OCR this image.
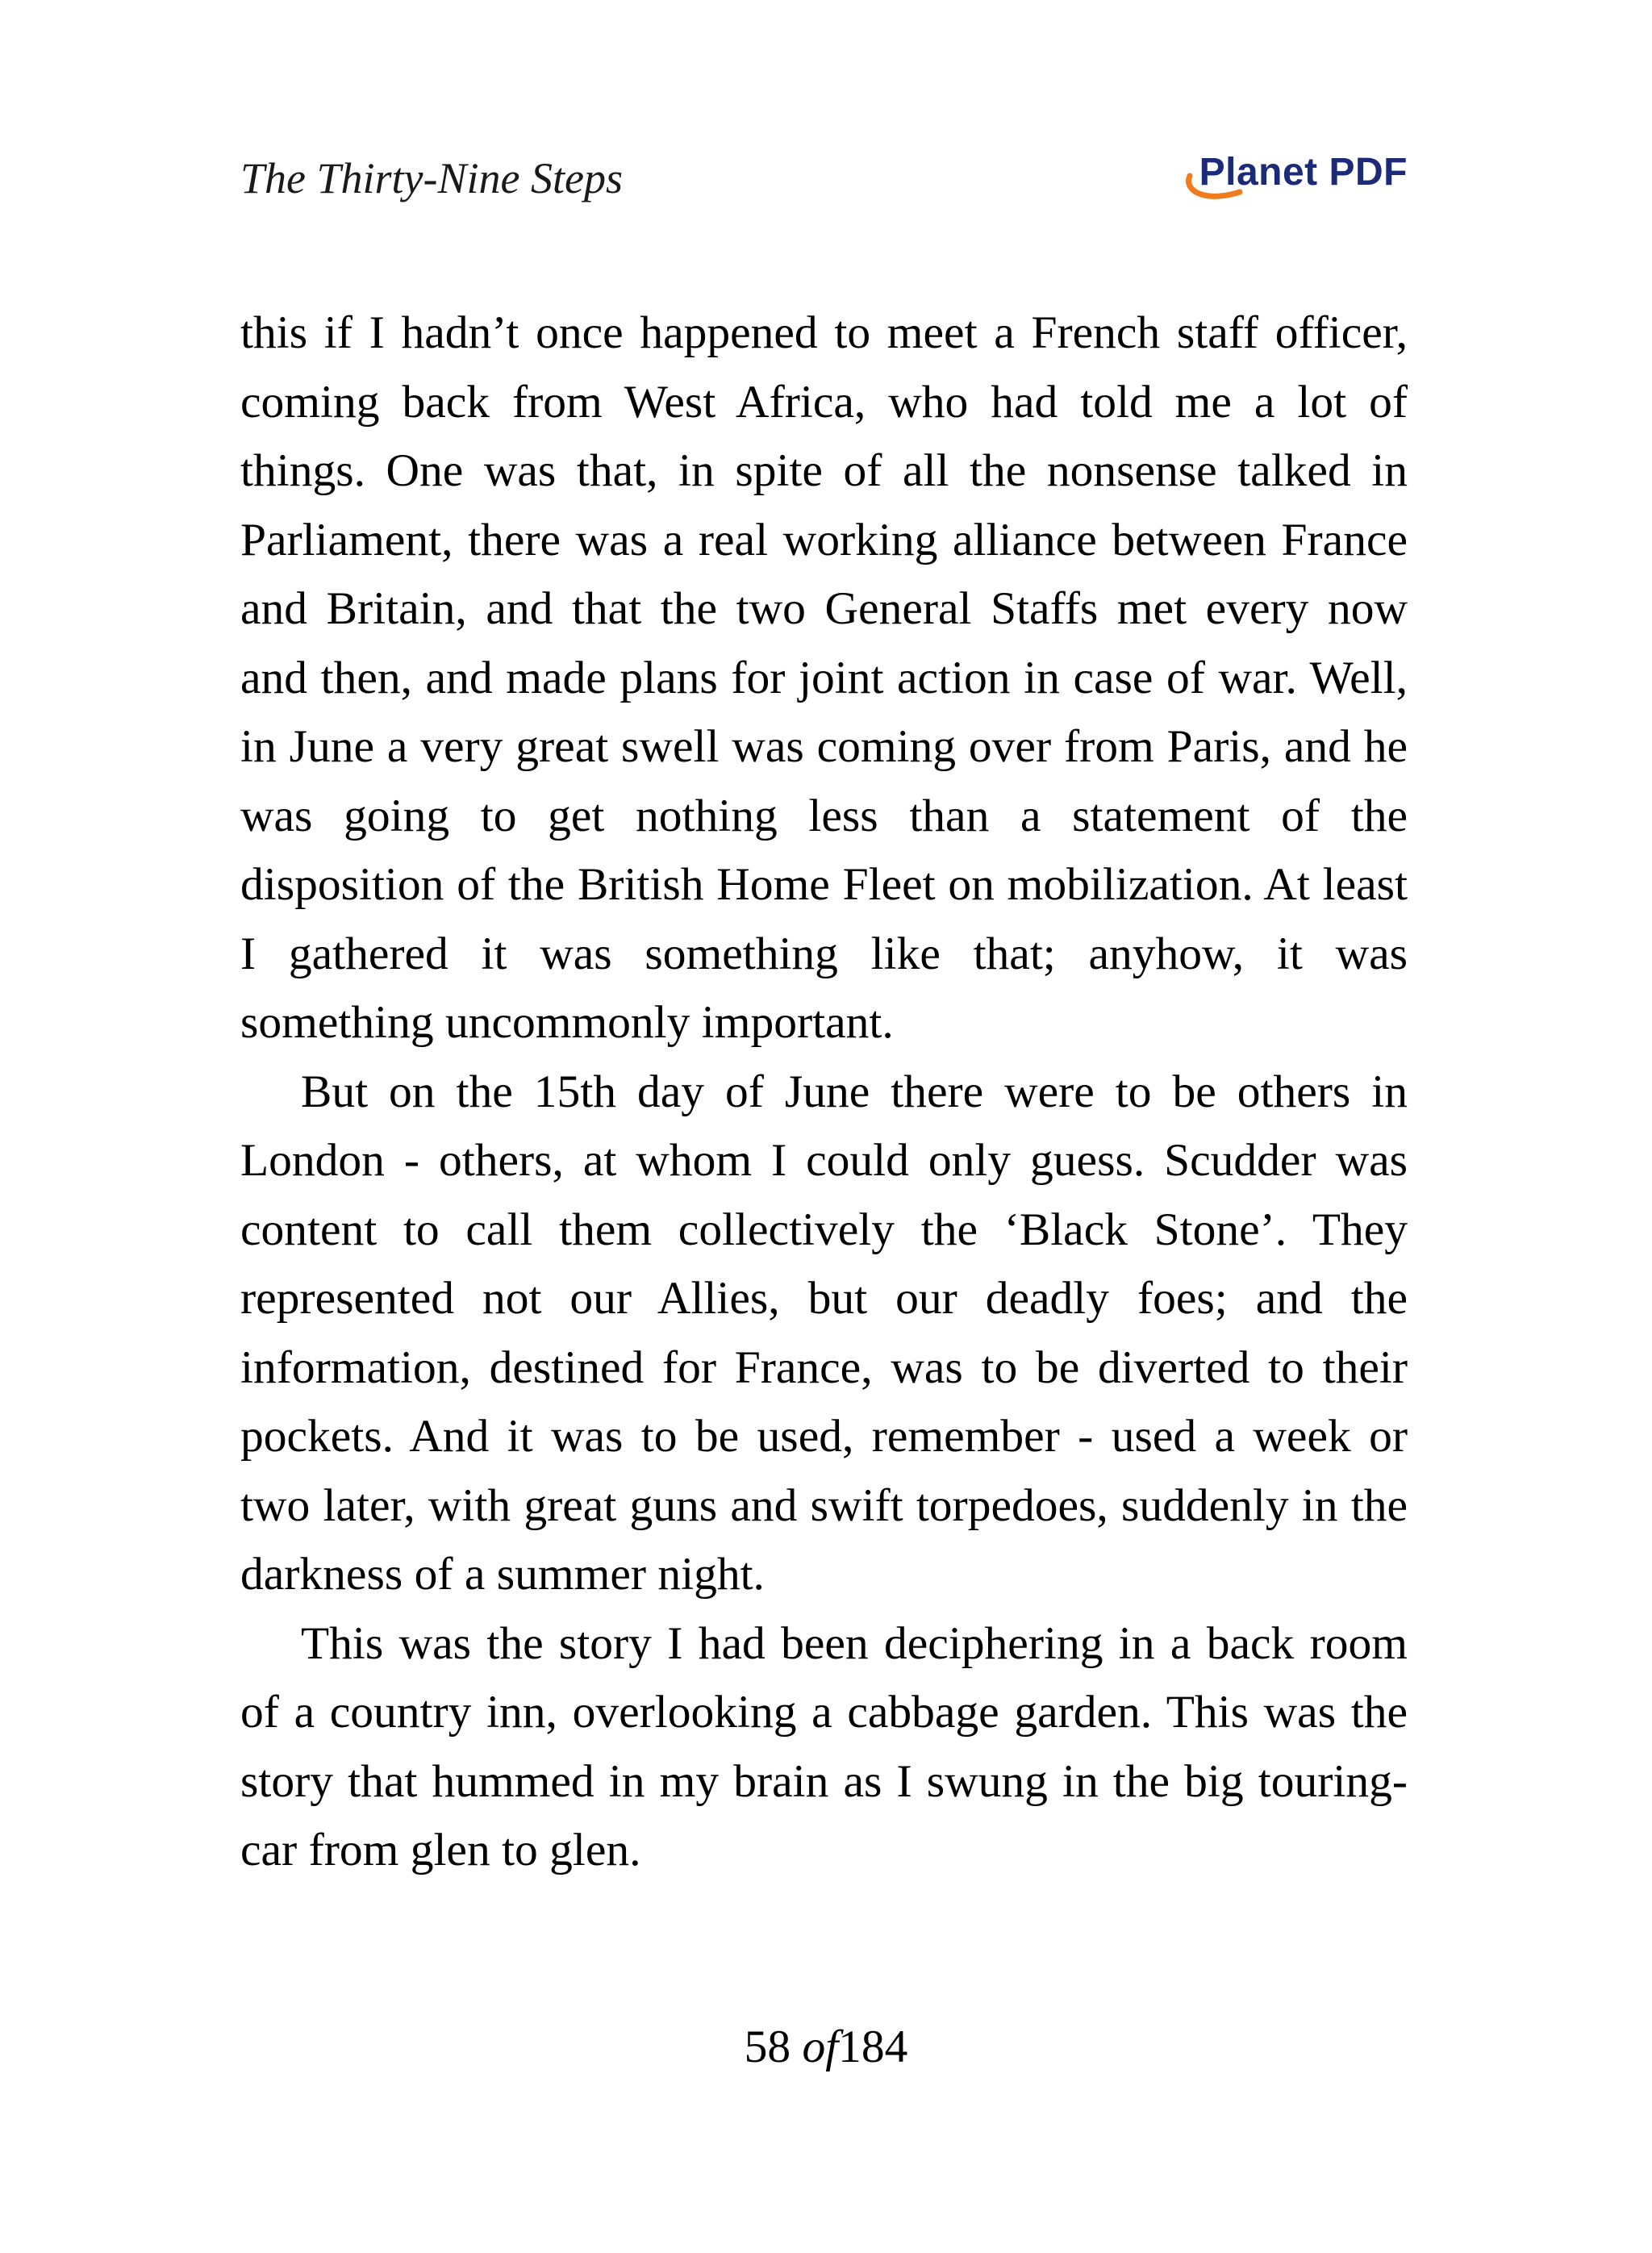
The Thirty-Nine Steps	Planet PDF

this if I hadn’t once happened to meet a French staff officer, coming back from West Africa, who had told me a lot of things. One was that, in spite of all the nonsense talked in Parliament, there was a real working alliance between France and Britain, and that the two General Staffs met every now and then, and made plans for joint action in case of war. Well, in June a very great swell was coming over from Paris, and he was going to get nothing less than a statement of the disposition of the British Home Fleet on mobilization. At least I gathered it was something like that; anyhow, it was something uncommonly important.

But on the 15th day of June there were to be others in London - others, at whom I could only guess. Scudder was content to call them collectively the ‘Black Stone’. They represented not our Allies, but our deadly foes; and the information, destined for France, was to be diverted to their pockets. And it was to be used, remember - used a week or two later, with great guns and swift torpedoes, suddenly in the darkness of a summer night.

This was the story I had been deciphering in a back room of a country inn, overlooking a cabbage garden. This was the story that hummed in my brain as I swung in the big touring-car from glen to glen.

58 of184
